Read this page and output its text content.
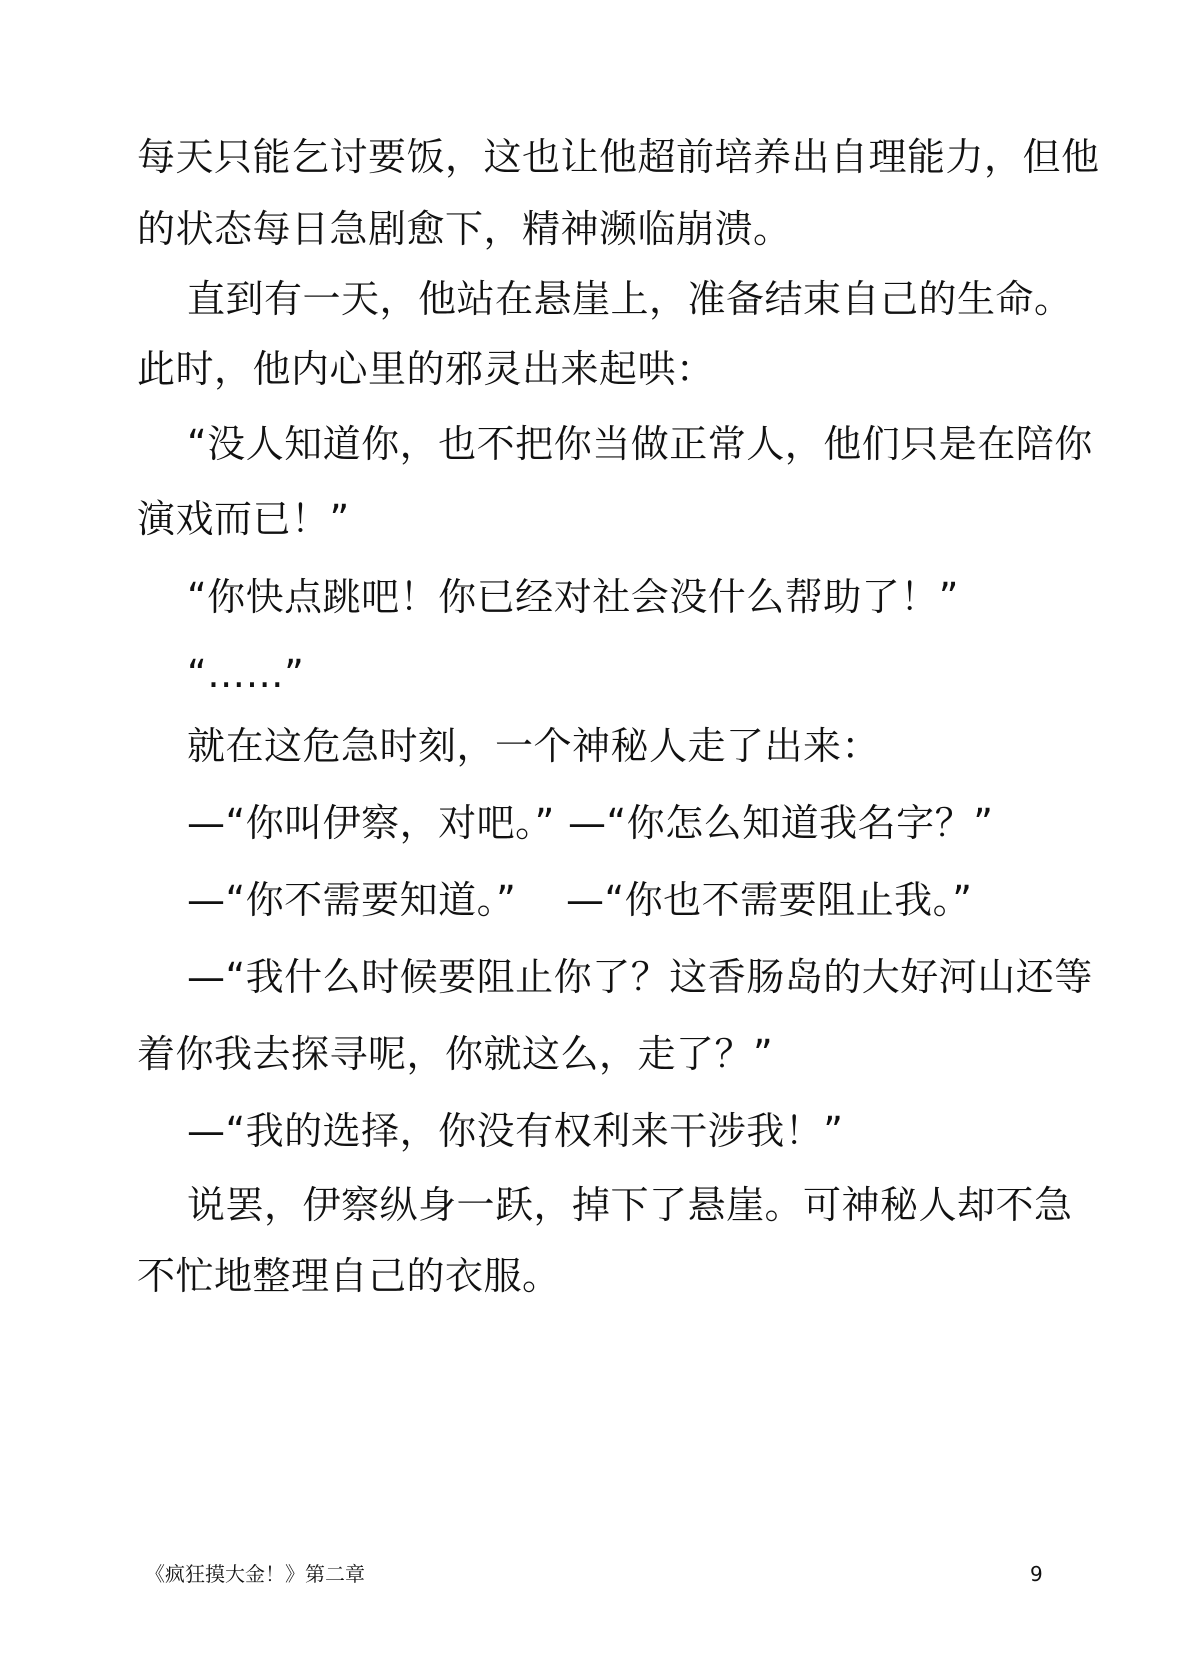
每天只能乞讨要饭，这也让他超前培养出自理能力，但他
的状态每日急剧愈下，精神濒临崩溃。
直到有一天，他站在悬崖上，准备结束自己的生命。
此时，他内心里的邪灵出来起哄：
“没人知道你，也不把你当做正常人，他们只是在陪你
演戏而已！”
“你快点跳吧！你已经对社会没什么帮助了！”
“……”
就在这危急时刻，一个神秘人走了出来：
—“你叫伊察，对吧。” —“你怎么知道我名字？”
—“你不需要知道。” —“你也不需要阻止我。”
—“我什么时候要阻止你了？这香肠岛的大好河山还等
着你我去探寻呢，你就这么，走了？”
—“我的选择，你没有权利来干涉我！”
说罢，伊察纵身一跃，掉下了悬崖。可神秘人却不急
不忙地整理自己的衣服。
《疯狂摸大金！》第二章	9
